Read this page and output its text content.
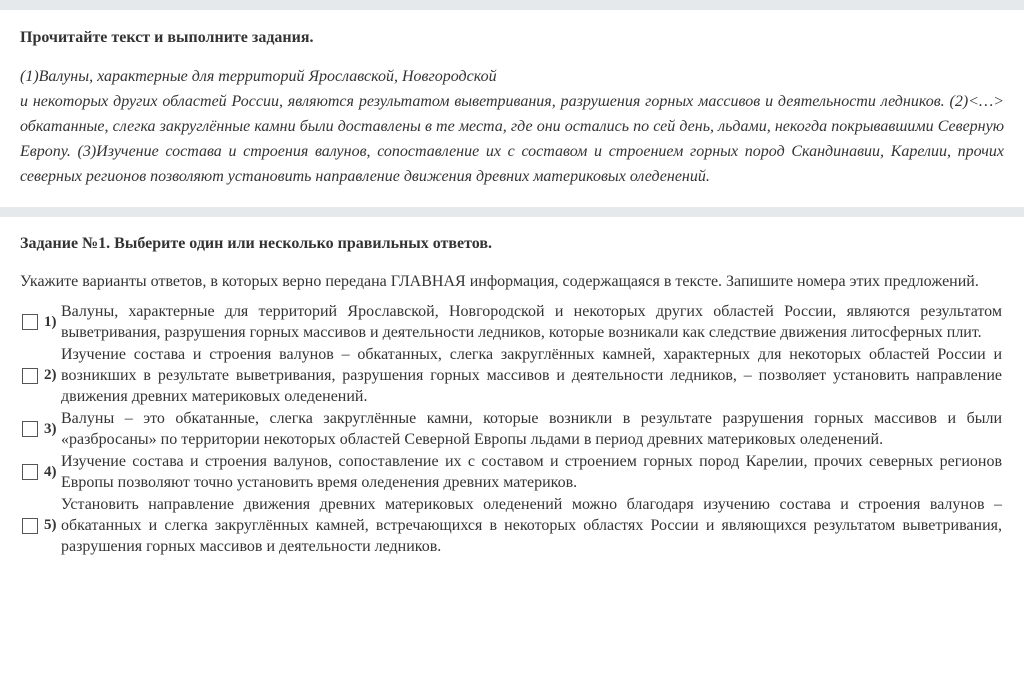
Прочитайте текст и выполните задания.

(1)Валуны, характерные для территорий Ярославской, Новгородской
и некоторых других областей России, являются результатом выветривания, разрушения горных массивов и деятельности ледников. (2)<…> обкатанные, слегка закруглённые камни были доставлены в те места, где они остались по сей день, льдами, некогда покрывавшими Северную Европу. (3)Изучение состава и строения валунов, сопоставление их с составом и строением горных пород Скандинавии, Карелии, прочих северных регионов позволяют установить направление движения древних материковых оледенений.

Задание №1. Выберите один или несколько правильных ответов.
Укажите варианты ответов, в которых верно передана ГЛАВНАЯ информация, содержащаяся в тексте. Запишите номера этих предложений.
1)
Валуны, характерные для территорий Ярославской, Новгородской и некоторых других областей России, являются результатом выветривания, разрушения горных массивов и деятельности ледников, которые возникали как следствие движения литосферных плит.
2)
Изучение состава и строения валунов – обкатанных, слегка закруглённых камней, характерных для некоторых областей России и возникших в результате выветривания, разрушения горных массивов и деятельности ледников, – позволяет установить направление движения древних материковых оледенений.
3)
Валуны – это обкатанные, слегка закруглённые камни, которые возникли в результате разрушения горных массивов и были «разбросаны» по территории некоторых областей Северной Европы льдами в период древних материковых оледенений.
4)
Изучение состава и строения валунов, сопоставление их с составом и строением горных пород Карелии, прочих северных регионов Европы позволяют точно установить время оледенения древних материков.
5)
Установить направление движения древних материковых оледенений можно благодаря изучению состава и строения валунов – обкатанных и слегка закруглённых камней, встречающихся в некоторых областях России и являющихся результатом выветривания, разрушения горных массивов и деятельности ледников.
